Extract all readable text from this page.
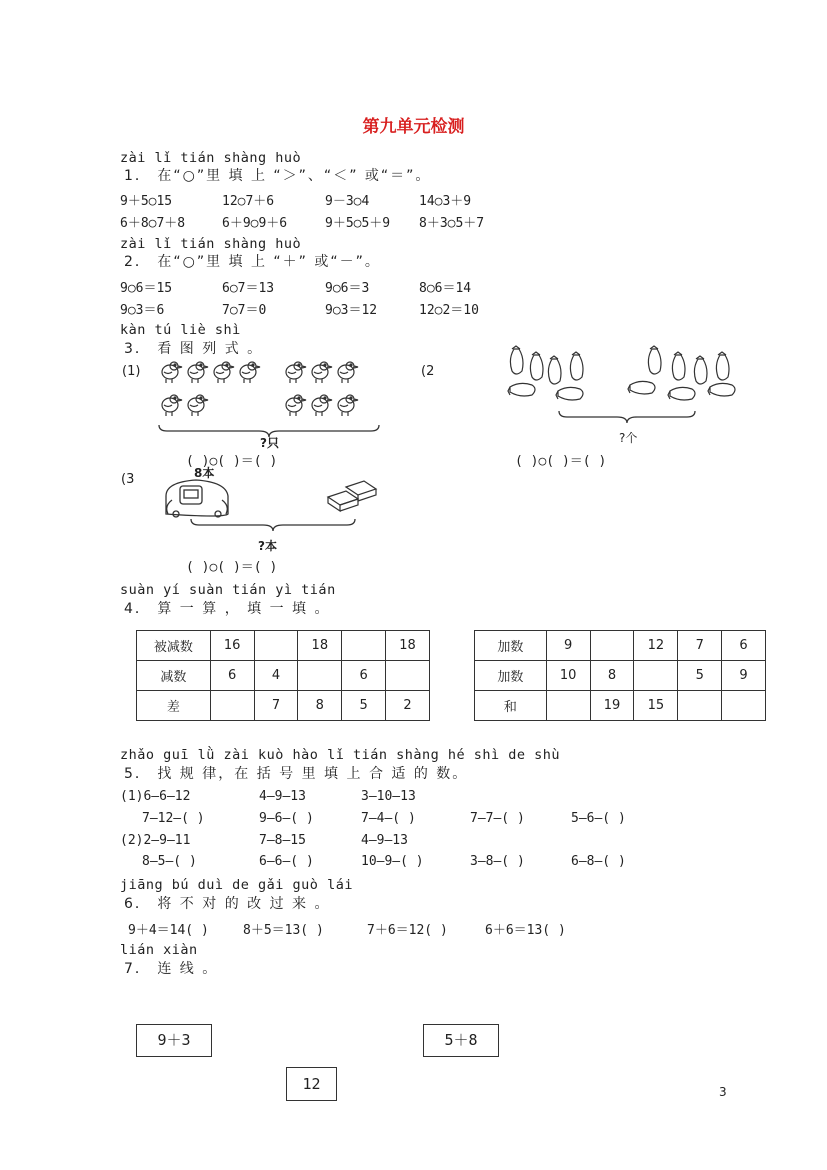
第九单元检测
zài lǐ tián shàng huò
1． 在“○”里 填 上 “＞”、“＜” 或“＝”。
9＋5○15	12○7＋6	9－3○4	14○3＋9
6＋8○7＋8	6＋9○9＋6	9＋5○5＋9 8＋3○5＋7
zài lǐ tián shàng huò
2． 在“○”里 填 上 “＋” 或“－”。
9○6＝15	6○7＝13	9○6＝3	8○6＝14
9○3＝6	7○7＝0	9○3＝12	12○2＝10
kàn tú liè shì
3． 看 图 列 式 。
(1)
?只
( )○( )＝( )
(2
?个
( )○( )＝( )
(3	8本
?本
( )○( )＝( )
suàn yí suàn tián yì tián
4． 算 一 算 ， 填 一 填 。
被减数	16		18		18
减数	6	4		6	
差		7	8	5	2
加数	9		12	7	6
加数	10	8		5	9
和		19	15		
zhǎo guī lǜ zài kuò hào lǐ tián shàng hé shì de shù
5． 找 规 律，在 括 号 里 填 上 合 适 的 数。
(1)6—6—12	4—9—13	3—10—13
7—12—( )	9—6—( )	7—4—( )	7—7—( )	5—6—( )
(2)2—9—11	7—8—15	4—9—13
8—5—( )	6—6—( )	10—9—( )	3—8—( )	6—8—( )
jiāng bú duì de gǎi guò lái
6． 将 不 对 的 改 过 来 。
9＋4＝14( )	8＋5＝13( )	7＋6＝12( )	6＋6＝13( )
lián xiàn
7． 连 线 。
9＋3	5＋8
12	3
